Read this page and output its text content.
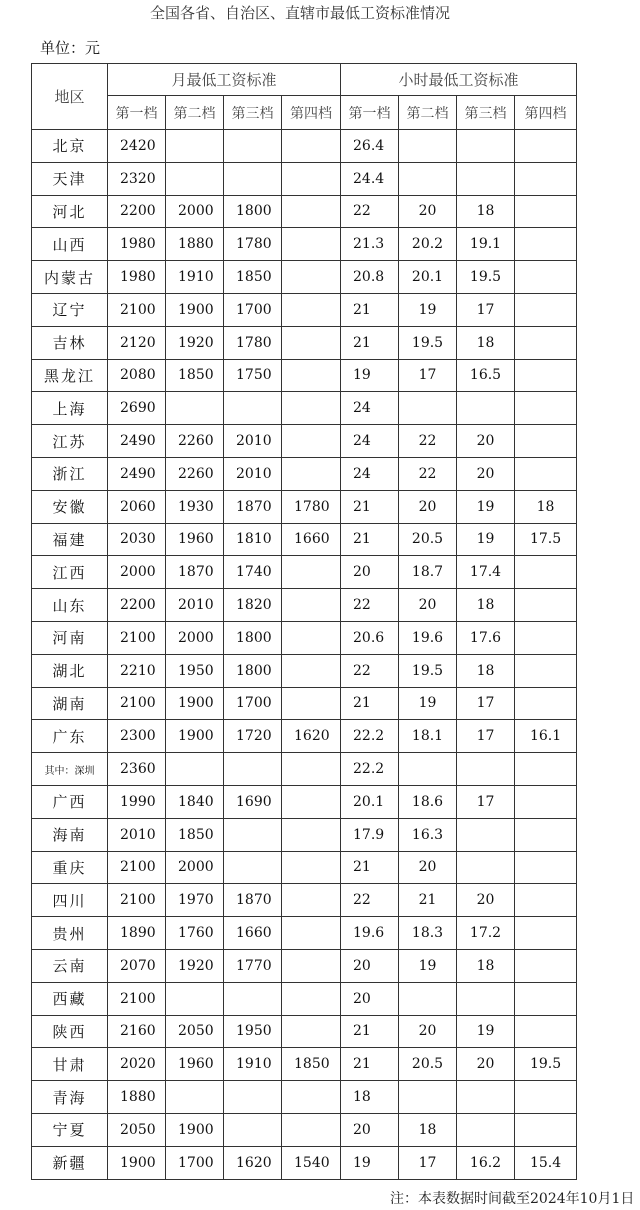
全国各省、自治区、直辖市最低工资标准情况
单位：元
地区	月最低工资标准				小时最低工资标准			
	第一档	第二档	第三档	第四档	第一档	第二档	第三档	第四档
北京	2420				26.4			
天津	2320				24.4			
河北	2200	2000	1800		22	20	18	
山西	1980	1880	1780		21.3	20.2	19.1	
内蒙古	1980	1910	1850		20.8	20.1	19.5	
辽宁	2100	1900	1700		21	19	17	
吉林	2120	1920	1780		21	19.5	18	
黑龙江	2080	1850	1750		19	17	16.5	
上海	2690				24			
江苏	2490	2260	2010		24	22	20	
浙江	2490	2260	2010		24	22	20	
安徽	2060	1930	1870	1780	21	20	19	18
福建	2030	1960	1810	1660	21	20.5	19	17.5
江西	2000	1870	1740		20	18.7	17.4	
山东	2200	2010	1820		22	20	18	
河南	2100	2000	1800		20.6	19.6	17.6	
湖北	2210	1950	1800		22	19.5	18	
湖南	2100	1900	1700		21	19	17	
广东	2300	1900	1720	1620	22.2	18.1	17	16.1
其中：深圳	2360				22.2			
广西	1990	1840	1690		20.1	18.6	17	
海南	2010	1850			17.9	16.3		
重庆	2100	2000			21	20		
四川	2100	1970	1870		22	21	20	
贵州	1890	1760	1660		19.6	18.3	17.2	
云南	2070	1920	1770		20	19	18	
西藏	2100				20			
陕西	2160	2050	1950		21	20	19	
甘肃	2020	1960	1910	1850	21	20.5	20	19.5
青海	1880				18			
宁夏	2050	1900			20	18		
新疆	1900	1700	1620	1540	19	17	16.2	15.4
注：本表数据时间截至2024年10月1日
